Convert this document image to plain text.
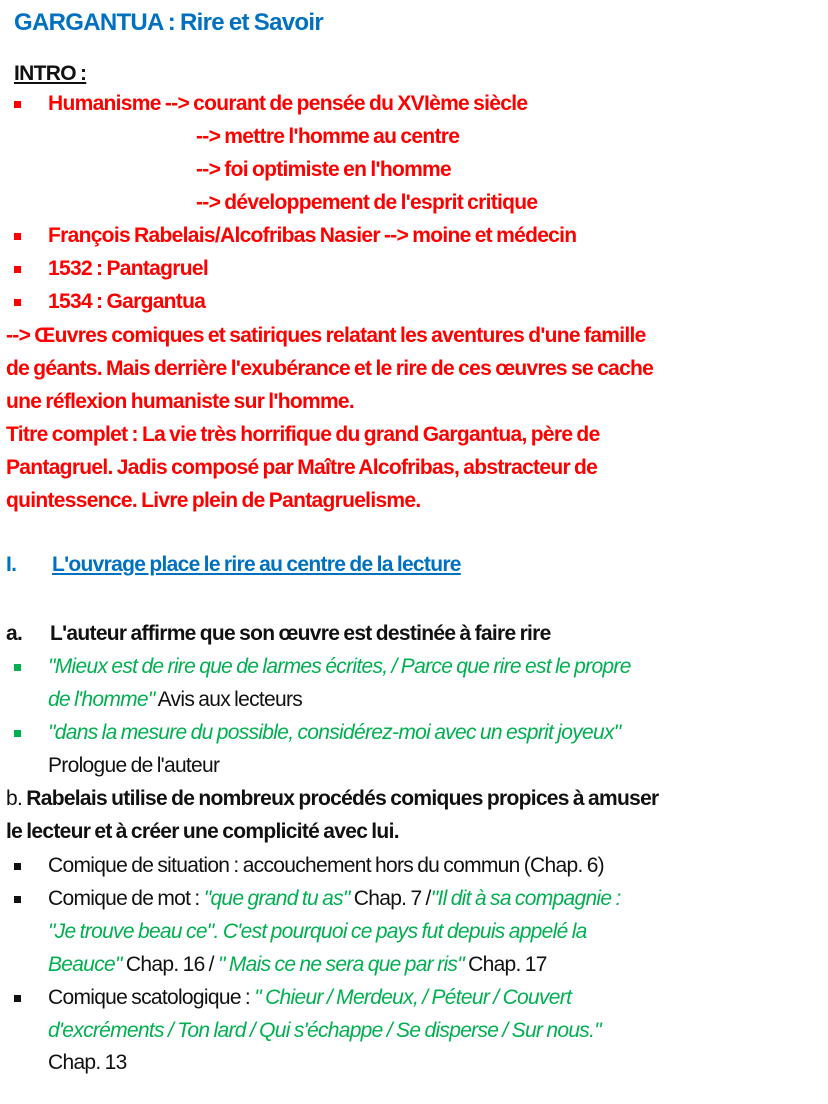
GARGANTUA : Rire et Savoir
INTRO :
Humanisme --> courant de pensée du XVIème siècle
--> mettre l'homme au centre
--> foi optimiste en l'homme
--> développement de l'esprit critique
François Rabelais/Alcofribas Nasier --> moine et médecin
1532 : Pantagruel
1534 : Gargantua
--> Œuvres comiques et satiriques relatant les aventures d'une famille
de géants. Mais derrière l'exubérance et le rire de ces œuvres se cache
une réflexion humaniste sur l'homme.
Titre complet : La vie très horrifique du grand Gargantua, père de
Pantagruel. Jadis composé par Maître Alcofribas, abstracteur de
quintessence. Livre plein de Pantagruelisme.
I. L'ouvrage place le rire au centre de la lecture
a. L'auteur affirme que son œuvre est destinée à faire rire
"Mieux est de rire que de larmes écrites, / Parce que rire est le propre
de l'homme" Avis aux lecteurs
"dans la mesure du possible, considérez-moi avec un esprit joyeux"
Prologue de l'auteur
b. Rabelais utilise de nombreux procédés comiques propices à amuser
le lecteur et à créer une complicité avec lui.
Comique de situation : accouchement hors du commun (Chap. 6)
Comique de mot : "que grand tu as" Chap. 7 /"Il dit à sa compagnie :
"Je trouve beau ce". C'est pourquoi ce pays fut depuis appelé la
Beauce" Chap. 16 / " Mais ce ne sera que par ris" Chap. 17
Comique scatologique : " Chieur / Merdeux, / Péteur / Couvert
d'excréments / Ton lard / Qui s'échappe / Se disperse / Sur nous."
Chap. 13
